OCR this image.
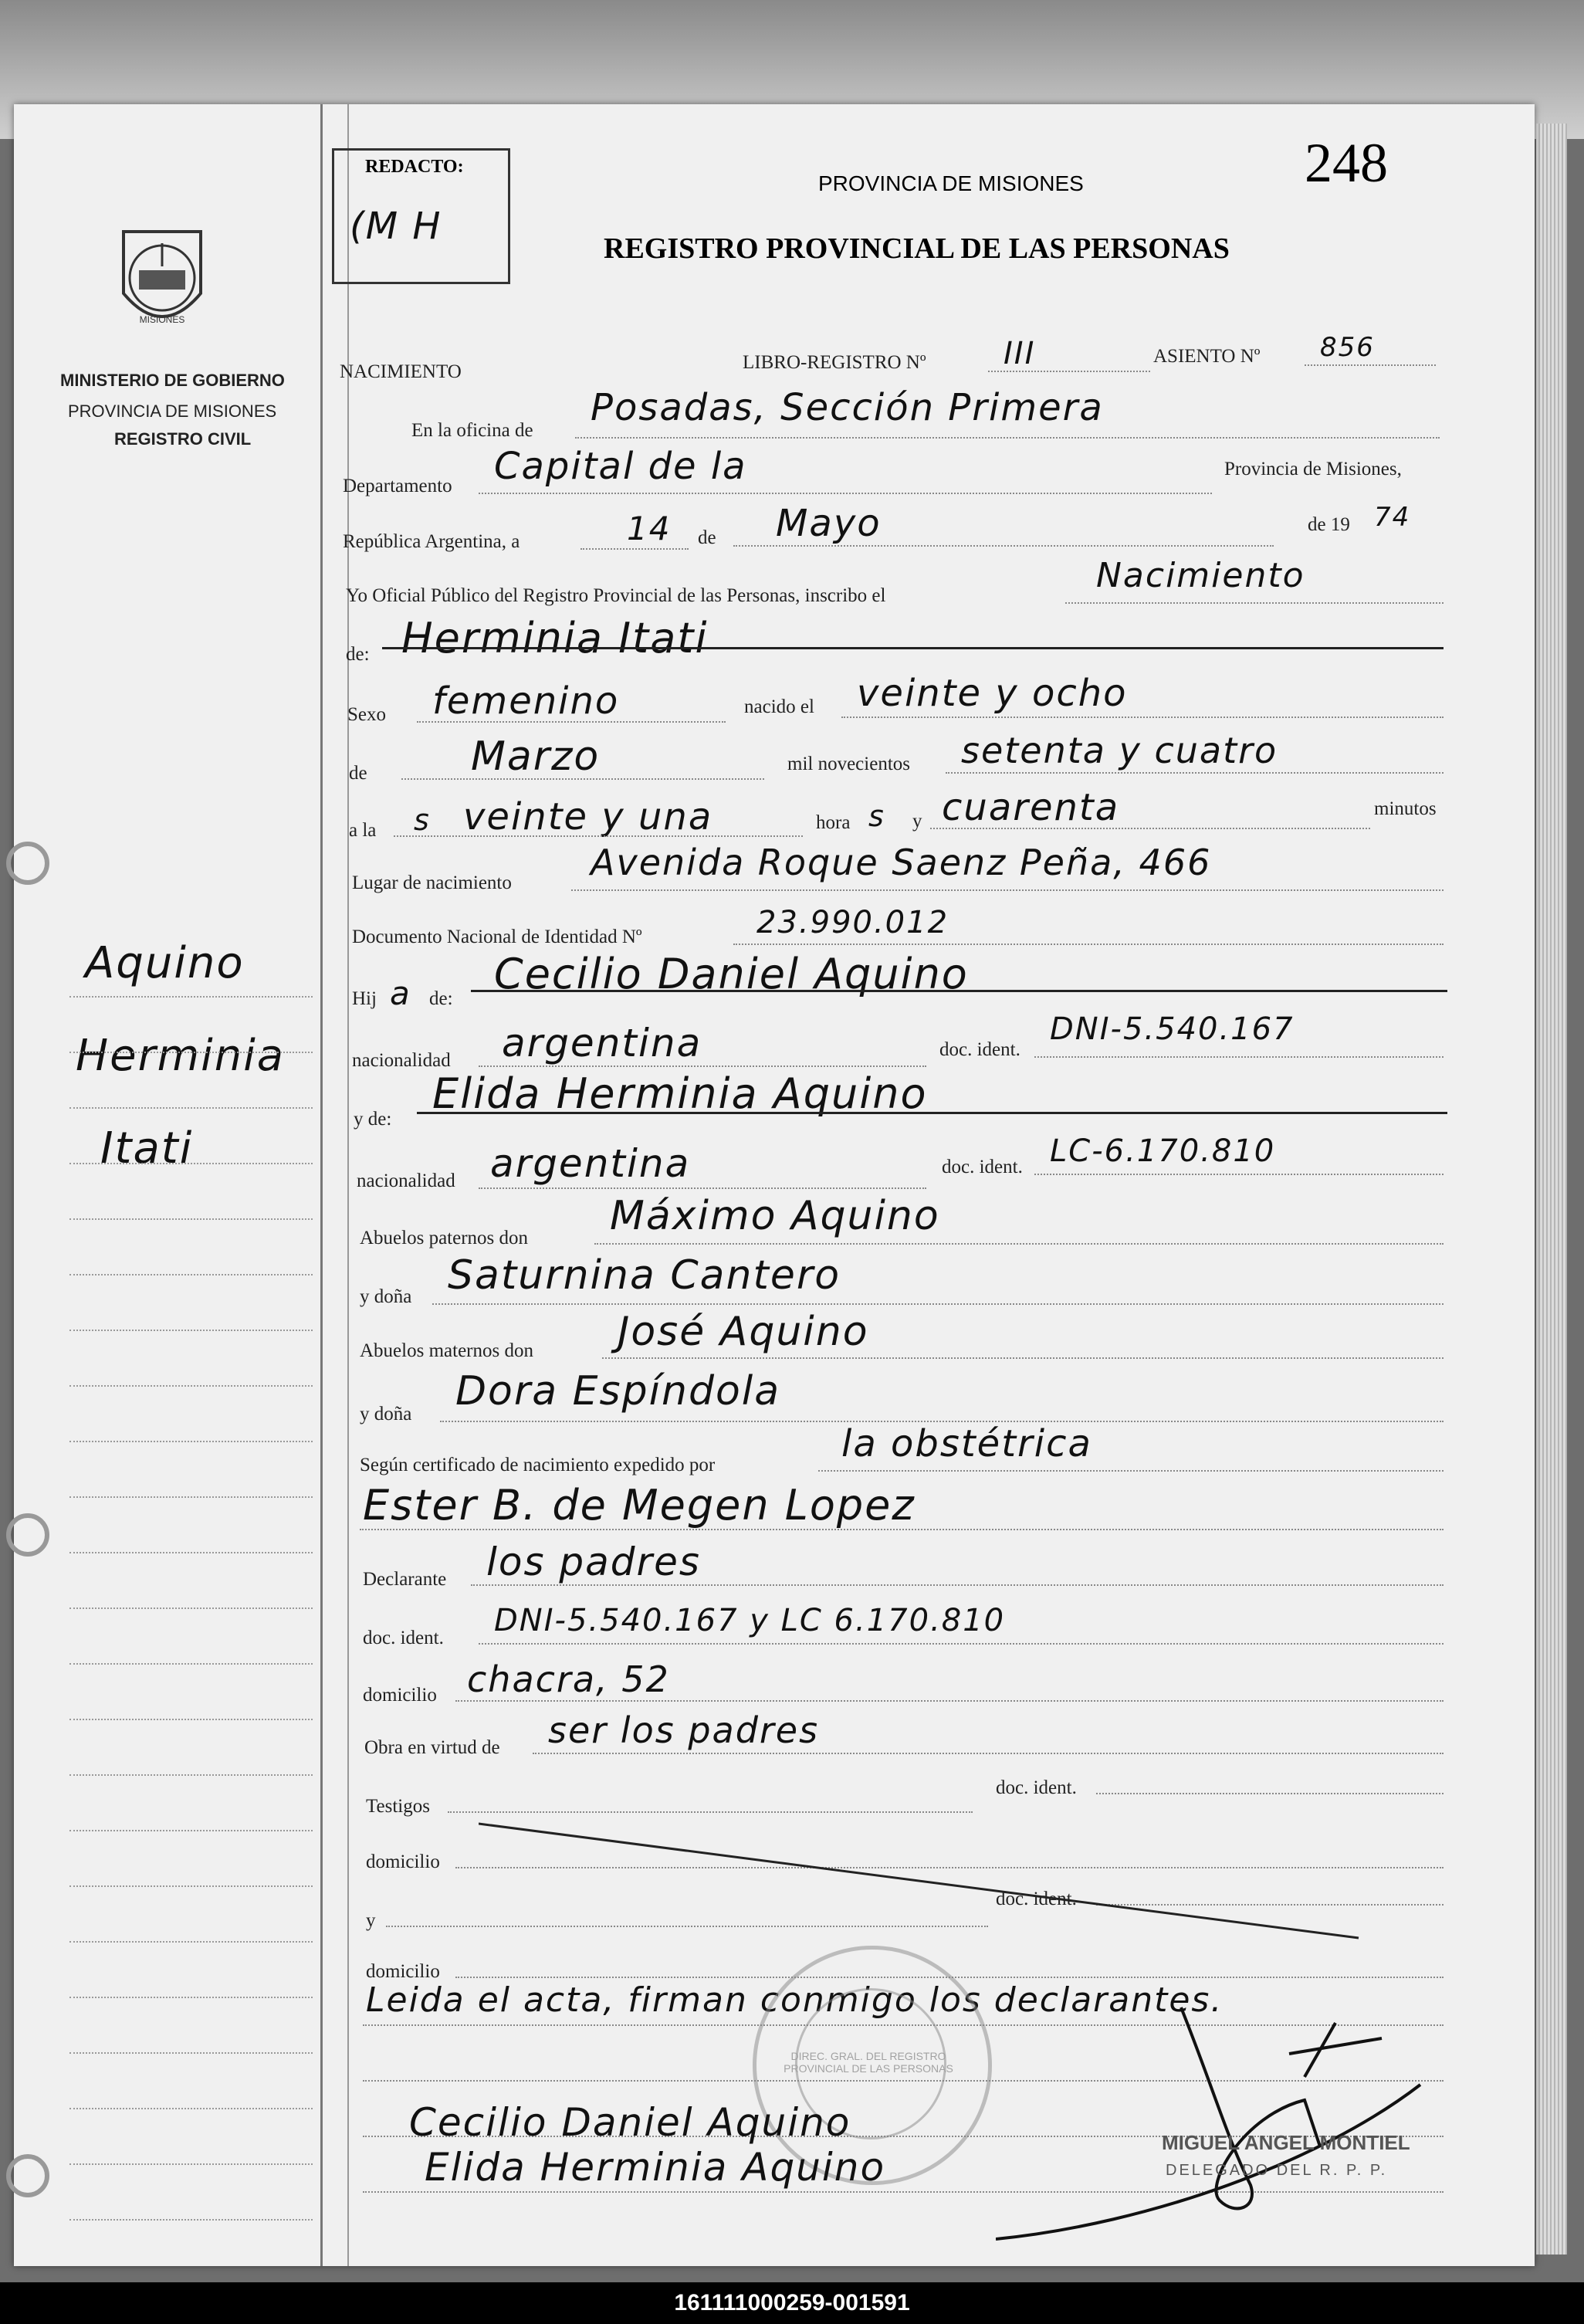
MISIONES
MINISTERIO DE GOBIERNO
PROVINCIA DE MISIONES
REGISTRO CIVIL
Aquino
Herminia
Itati
REDACTO:
(M H
248
PROVINCIA DE MISIONES
REGISTRO PROVINCIAL DE LAS PERSONAS
NACIMIENTO	LIBRO-REGISTRO Nº	III	ASIENTO Nº 856
En la oficina de
Posadas, Sección Primera
Departamento Capital de la	Provincia de Misiones,
República Argentina, a	14 de Mayo	de 19 74
Yo Oficial Público del Registro Provincial de las Personas, inscribo el
Nacimiento
de: Herminia Itati
Sexo femenino	nacido el veinte y ocho
de	Marzo	mil novecientos setenta y cuatro
a la s veinte y una	hora s y cuarenta	minutos
Lugar de nacimiento Avenida Roque Saenz Peña, 466
Documento Nacional de Identidad Nº	23.990.012
Hij a de:
Cecilio Daniel Aquino
nacionalidad argentina	doc. ident.
DNI-5.540.167
y de:
Elida Herminia Aquino
nacionalidad argentina	doc. ident. LC-6.170.810
Abuelos paternos don Máximo Aquino
y doña Saturnina Cantero
Abuelos maternos don José Aquino
y doña Dora Espíndola
Según certificado de nacimiento expedido por	la obstétrica
Ester B. de Megen Lopez
Declarante los padres
doc. ident. DNI-5.540.167 y LC 6.170.810
domicilio chacra, 52
Obra en virtud de ser los padres
Testigos
doc. ident.
domicilio
y
doc. ident.
domicilio
Leida el acta, firman conmigo los declarantes.
DIREC. GRAL. DEL REGISTRO PROVINCIAL DE LAS PERSONAS
Cecilio Daniel Aquino
Elida Herminia Aquino
MIGUEL ANGEL MONTIEL
DELEGADO DEL R. P. P.
161111000259-001591
